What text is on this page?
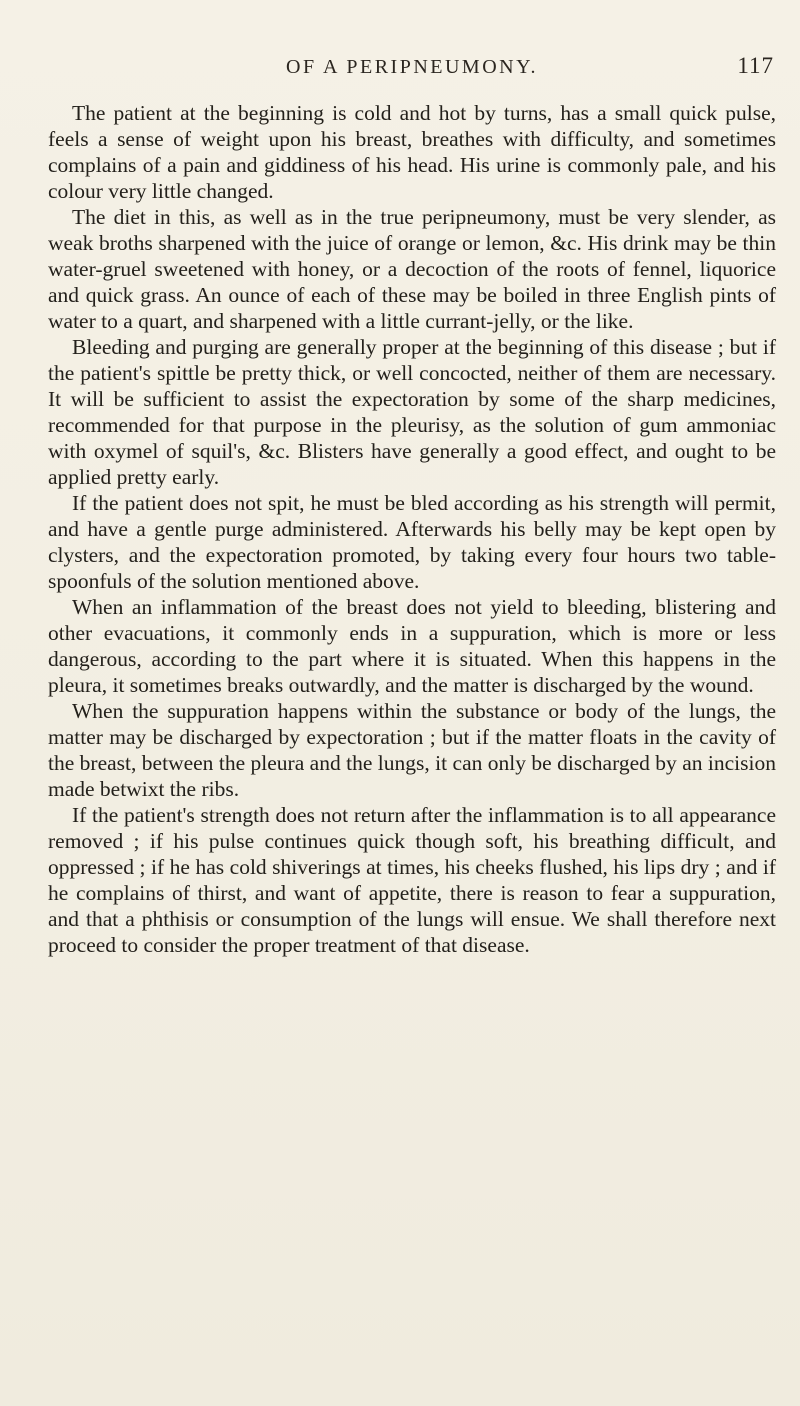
OF A PERIPNEUMONY.	117

The patient at the beginning is cold and hot by turns, has a small quick pulse, feels a sense of weight upon his breast, breathes with difficulty, and sometimes complains of a pain and giddiness of his head. His urine is commonly pale, and his colour very little changed.

The diet in this, as well as in the true peripneumony, must be very slender, as weak broths sharpened with the juice of orange or lemon, &c. His drink may be thin water-gruel sweetened with honey, or a decoction of the roots of fennel, liquorice and quick grass. An ounce of each of these may be boiled in three English pints of water to a quart, and sharpened with a little currant-jelly, or the like.

Bleeding and purging are generally proper at the beginning of this disease ; but if the patient's spittle be pretty thick, or well concocted, neither of them are necessary. It will be sufficient to assist the expectoration by some of the sharp medicines, recommended for that purpose in the pleurisy, as the solution of gum ammoniac with oxymel of squil's, &c. Blisters have generally a good effect, and ought to be applied pretty early.

If the patient does not spit, he must be bled according as his strength will permit, and have a gentle purge administered. Afterwards his belly may be kept open by clysters, and the expectoration promoted, by taking every four hours two table-spoonfuls of the solution mentioned above.

When an inflammation of the breast does not yield to bleeding, blistering and other evacuations, it commonly ends in a suppuration, which is more or less dangerous, according to the part where it is situated. When this happens in the pleura, it sometimes breaks outwardly, and the matter is discharged by the wound.

When the suppuration happens within the substance or body of the lungs, the matter may be discharged by expectoration ; but if the matter floats in the cavity of the breast, between the pleura and the lungs, it can only be discharged by an incision made betwixt the ribs.

If the patient's strength does not return after the inflammation is to all appearance removed ; if his pulse continues quick though soft, his breathing difficult, and oppressed ; if he has cold shiverings at times, his cheeks flushed, his lips dry ; and if he complains of thirst, and want of appetite, there is reason to fear a suppuration, and that a phthisis or consumption of the lungs will ensue. We shall therefore next proceed to consider the proper treatment of that disease.
